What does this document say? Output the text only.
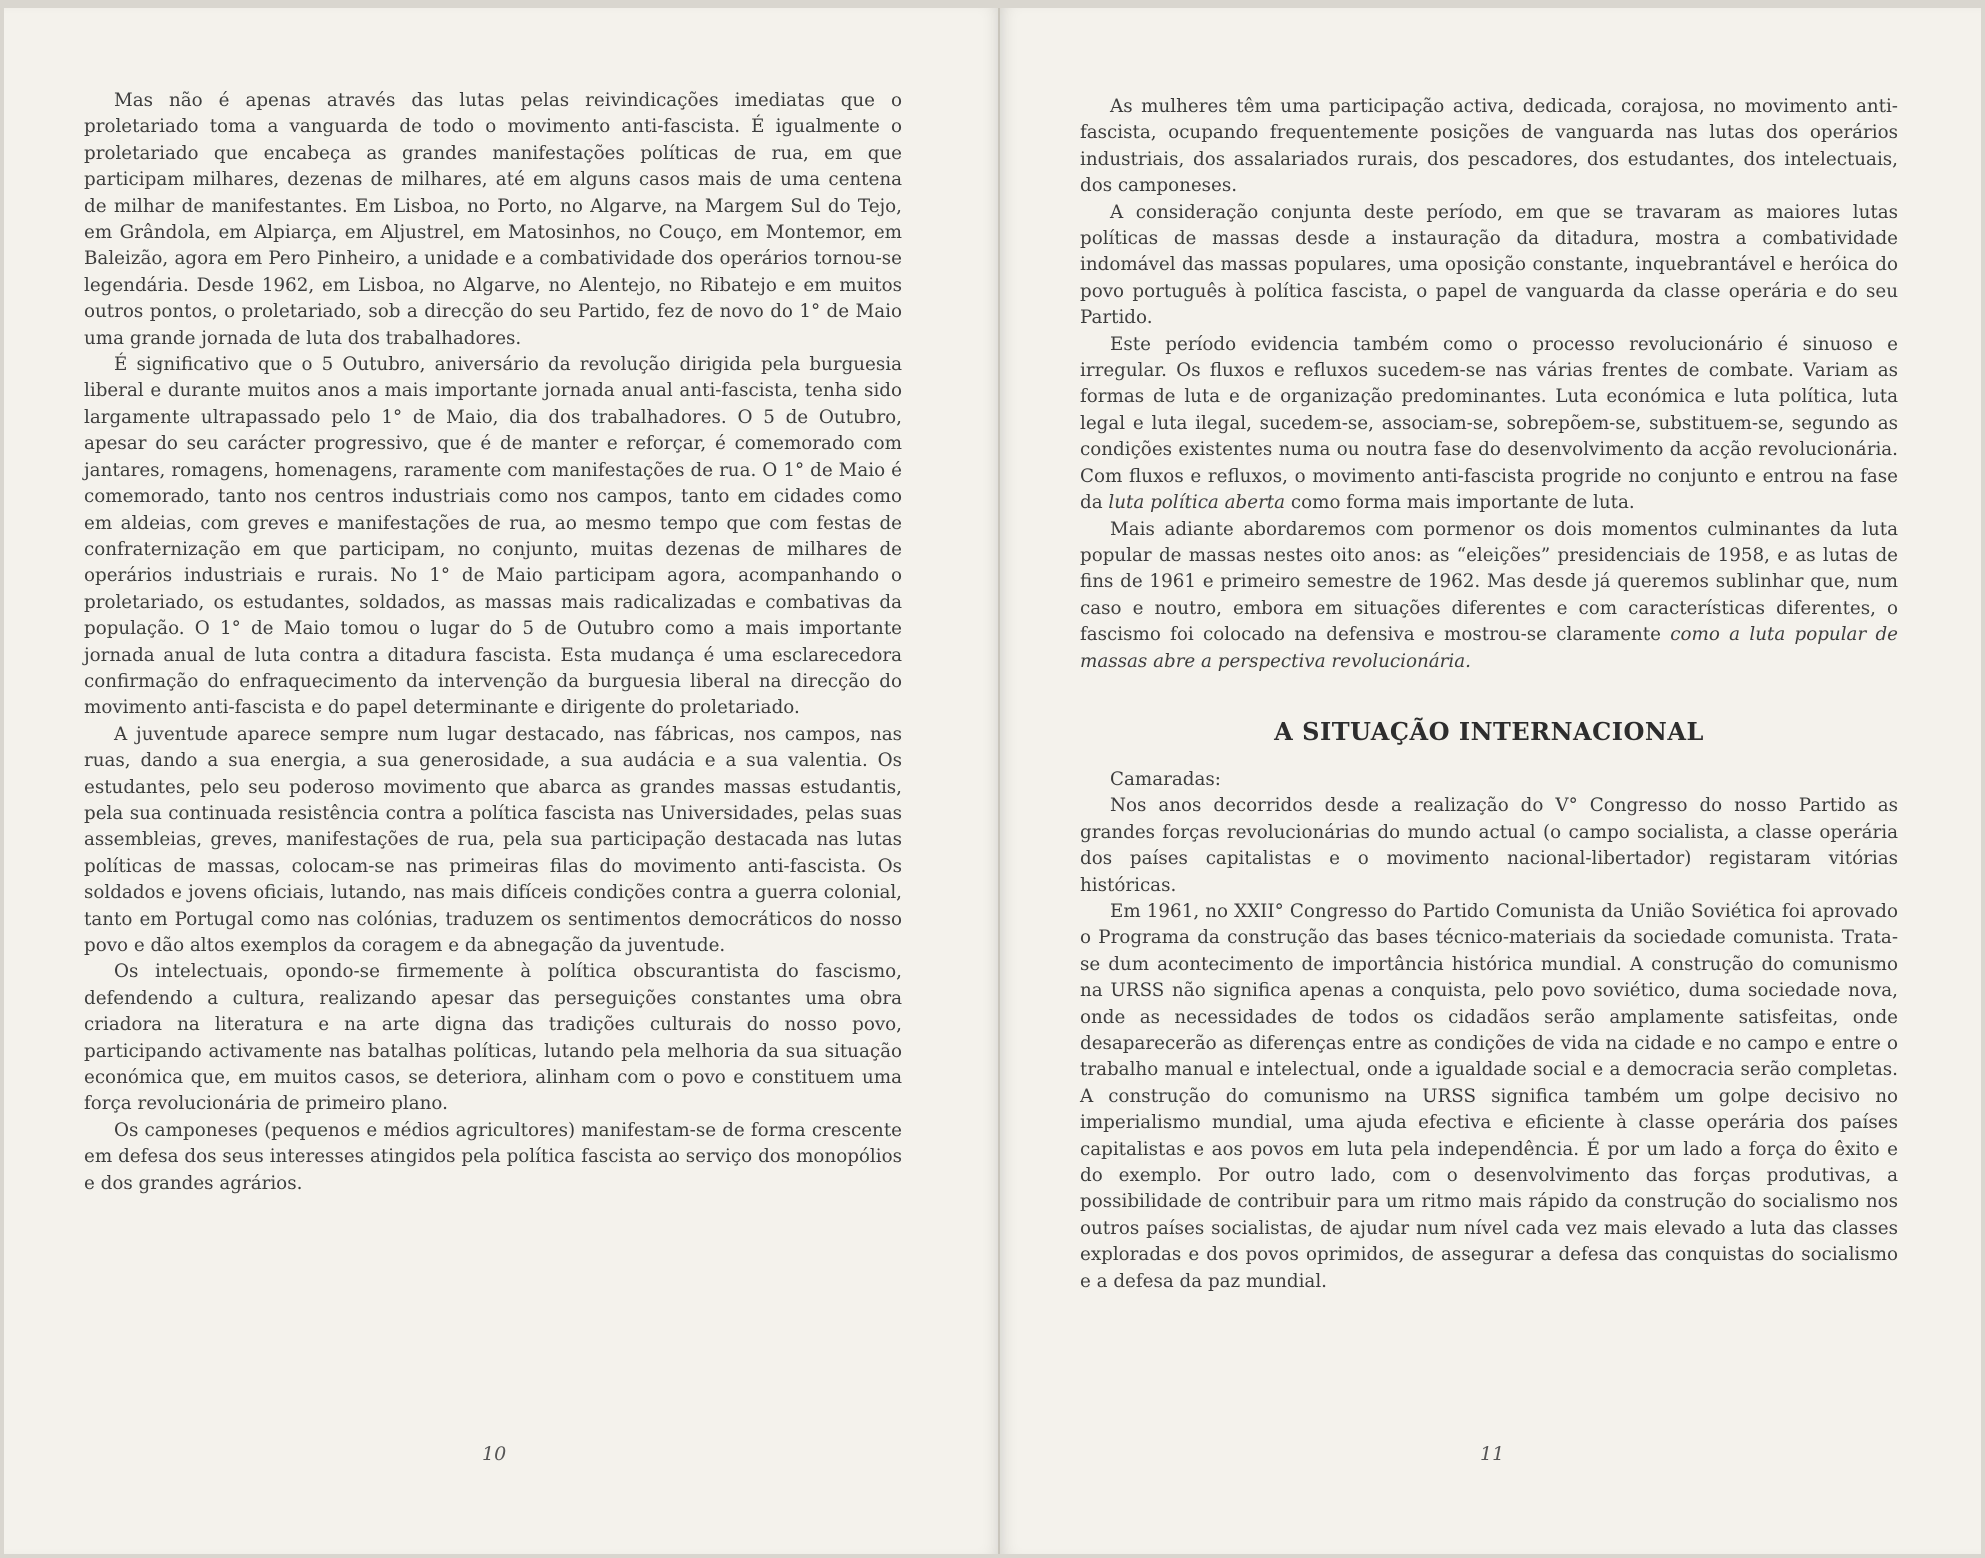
Mas não é apenas através das lutas pelas reivindicações imediatas que o proletariado toma a vanguarda de todo o movimento anti-fascista. É igualmente o proletariado que encabeça as grandes manifestações políticas de rua, em que participam milhares, dezenas de milhares, até em alguns casos mais de uma centena de milhar de manifestantes. Em Lisboa, no Porto, no Algarve, na Margem Sul do Tejo, em Grândola, em Alpiarça, em Aljustrel, em Matosinhos, no Couço, em Montemor, em Baleizão, agora em Pero Pinheiro, a unidade e a combatividade dos operários tornou-se legendária. Desde 1962, em Lisboa, no Algarve, no Alentejo, no Ribatejo e em muitos outros pontos, o proletariado, sob a direcção do seu Partido, fez de novo do 1° de Maio uma grande jornada de luta dos trabalhadores.

É significativo que o 5 Outubro, aniversário da revolução dirigida pela burguesia liberal e durante muitos anos a mais importante jornada anual anti-fascista, tenha sido largamente ultrapassado pelo 1° de Maio, dia dos trabalhadores. O 5 de Outubro, apesar do seu carácter progressivo, que é de manter e reforçar, é comemorado com jantares, romagens, homenagens, raramente com manifestações de rua. O 1° de Maio é comemorado, tanto nos centros industriais como nos campos, tanto em cidades como em aldeias, com greves e manifestações de rua, ao mesmo tempo que com festas de confraternização em que participam, no conjunto, muitas dezenas de milhares de operários industriais e rurais. No 1° de Maio participam agora, acompanhando o proletariado, os estudantes, soldados, as massas mais radicalizadas e combativas da população. O 1° de Maio tomou o lugar do 5 de Outubro como a mais importante jornada anual de luta contra a ditadura fascista. Esta mudança é uma esclarecedora confirmação do enfraquecimento da intervenção da burguesia liberal na direcção do movimento anti-fascista e do papel determinante e dirigente do proletariado.

A juventude aparece sempre num lugar destacado, nas fábricas, nos campos, nas ruas, dando a sua energia, a sua generosidade, a sua audácia e a sua valentia. Os estudantes, pelo seu poderoso movimento que abarca as grandes massas estudantis, pela sua continuada resistência contra a política fascista nas Universidades, pelas suas assembleias, greves, manifestações de rua, pela sua participação destacada nas lutas políticas de massas, colocam-se nas primeiras filas do movimento anti-fascista. Os soldados e jovens oficiais, lutando, nas mais difíceis condições contra a guerra colonial, tanto em Portugal como nas colónias, traduzem os sentimentos democráticos do nosso povo e dão altos exemplos da coragem e da abnegação da juventude.

Os intelectuais, opondo-se firmemente à política obscurantista do fascismo, defendendo a cultura, realizando apesar das perseguições constantes uma obra criadora na literatura e na arte digna das tradições culturais do nosso povo, participando activamente nas batalhas políticas, lutando pela melhoria da sua situação económica que, em muitos casos, se deteriora, alinham com o povo e constituem uma força revolucionária de primeiro plano.

Os camponeses (pequenos e médios agricultores) manifestam-se de forma crescente em defesa dos seus interesses atingidos pela política fascista ao serviço dos monopólios e dos grandes agrários.

10

As mulheres têm uma participação activa, dedicada, corajosa, no movimento anti-fascista, ocupando frequentemente posições de vanguarda nas lutas dos operários industriais, dos assalariados rurais, dos pescadores, dos estudantes, dos intelectuais, dos camponeses.

A consideração conjunta deste período, em que se travaram as maiores lutas políticas de massas desde a instauração da ditadura, mostra a combatividade indomável das massas populares, uma oposição constante, inquebrantável e heróica do povo português à política fascista, o papel de vanguarda da classe operária e do seu Partido.

Este período evidencia também como o processo revolucionário é sinuoso e irregular. Os fluxos e refluxos sucedem-se nas várias frentes de combate. Variam as formas de luta e de organização predominantes. Luta económica e luta política, luta legal e luta ilegal, sucedem-se, associam-se, sobrepõem-se, substituem-se, segundo as condições existentes numa ou noutra fase do desenvolvimento da acção revolucionária. Com fluxos e refluxos, o movimento anti-fascista progride no conjunto e entrou na fase da luta política aberta como forma mais importante de luta.

Mais adiante abordaremos com pormenor os dois momentos culminantes da luta popular de massas nestes oito anos: as “eleições” presidenciais de 1958, e as lutas de fins de 1961 e primeiro semestre de 1962. Mas desde já queremos sublinhar que, num caso e noutro, embora em situações diferentes e com características diferentes, o fascismo foi colocado na defensiva e mostrou-se claramente como a luta popular de massas abre a perspectiva revolucionária.

A SITUAÇÃO INTERNACIONAL

Camaradas:

Nos anos decorridos desde a realização do V° Congresso do nosso Partido as grandes forças revolucionárias do mundo actual (o campo socialista, a classe operária dos países capitalistas e o movimento nacional-libertador) registaram vitórias históricas.

Em 1961, no XXII° Congresso do Partido Comunista da União Soviética foi aprovado o Programa da construção das bases técnico-materiais da sociedade comunista. Trata-se dum acontecimento de importância histórica mundial. A construção do comunismo na URSS não significa apenas a conquista, pelo povo soviético, duma sociedade nova, onde as necessidades de todos os cidadãos serão amplamente satisfeitas, onde desaparecerão as diferenças entre as condições de vida na cidade e no campo e entre o trabalho manual e intelectual, onde a igualdade social e a democracia serão completas. A construção do comunismo na URSS significa também um golpe decisivo no imperialismo mundial, uma ajuda efectiva e eficiente à classe operária dos países capitalistas e aos povos em luta pela independência. É por um lado a força do êxito e do exemplo. Por outro lado, com o desenvolvimento das forças produtivas, a possibilidade de contribuir para um ritmo mais rápido da construção do socialismo nos outros países socialistas, de ajudar num nível cada vez mais elevado a luta das classes exploradas e dos povos oprimidos, de assegurar a defesa das conquistas do socialismo e a defesa da paz mundial.

11
